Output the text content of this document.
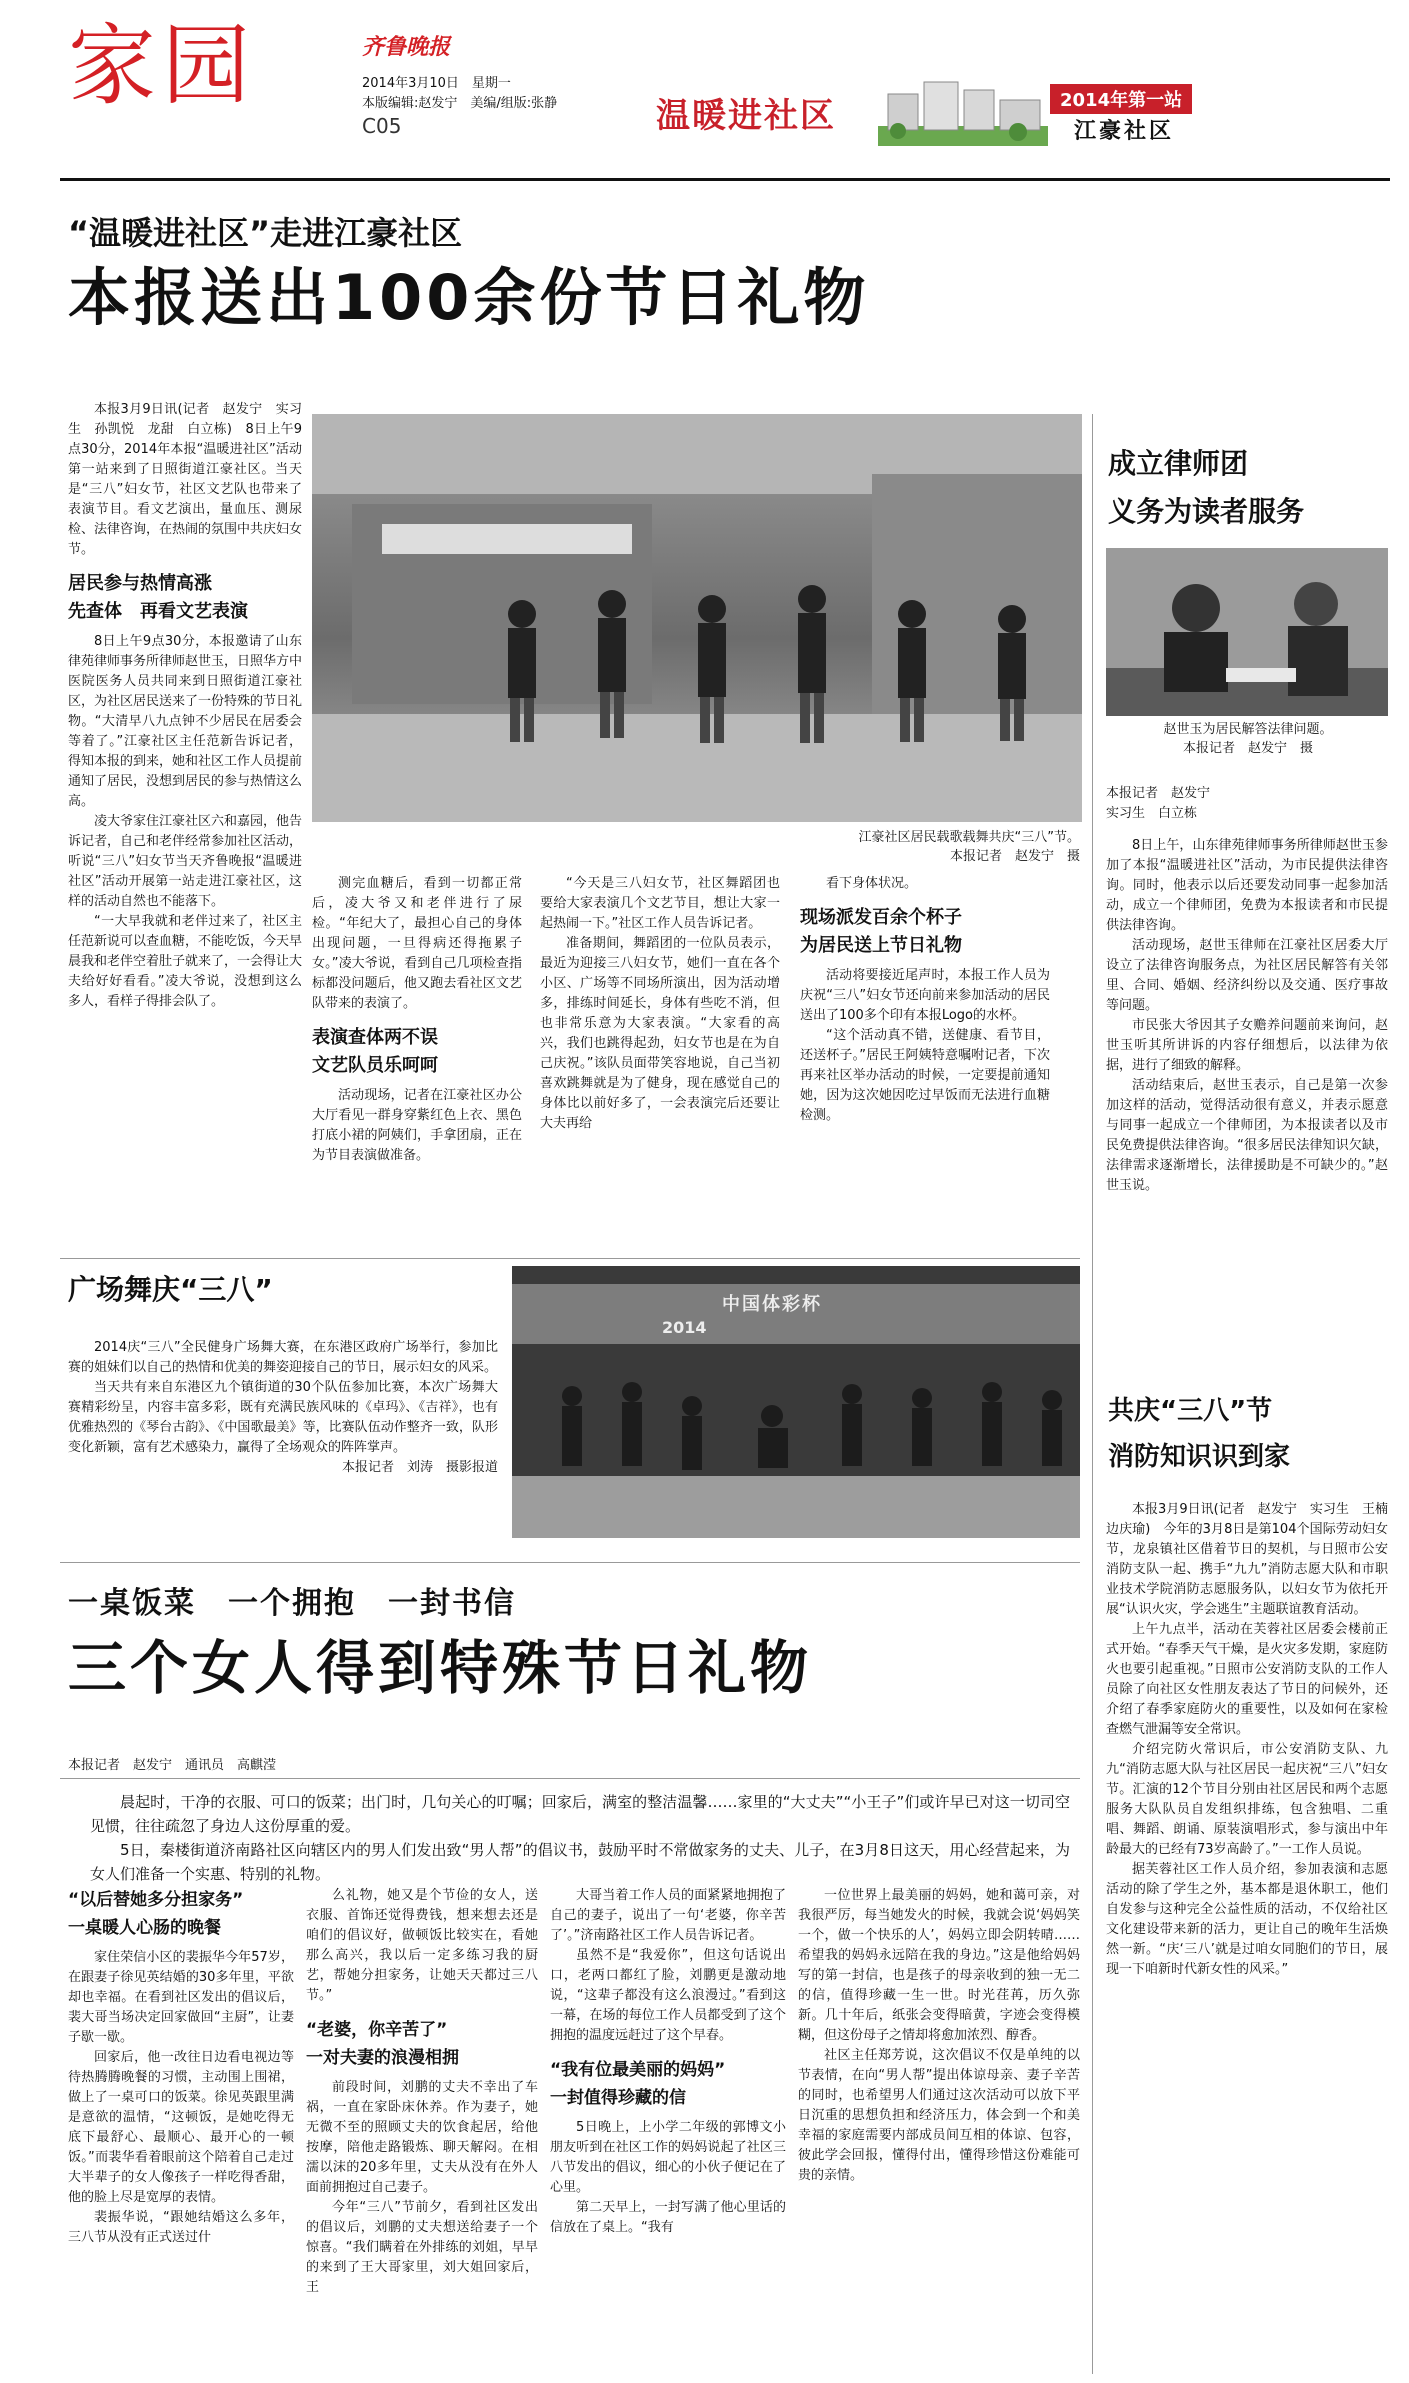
家园	齐鲁晚报
2014年3月10日　星期一
本版编辑:赵发宁　美编/组版:张静
C05	温暖进社区	2014年第一站
江豪社区
“温暖进社区”走进江豪社区
本报送出100余份节日礼物

本报3月9日讯(记者　赵发宁　实习生　孙凯悦　龙甜　白立栋)　8日上午9点30分，2014年本报“温暖进社区”活动第一站来到了日照街道江豪社区。当天是“三八”妇女节，社区文艺队也带来了表演节目。看文艺演出，量血压、测尿检、法律咨询，在热闹的氛围中共庆妇女节。

居民参与热情高涨
先查体　再看文艺表演

8日上午9点30分，本报邀请了山东律苑律师事务所律师赵世玉，日照华方中医院医务人员共同来到日照街道江豪社区，为社区居民送来了一份特殊的节日礼物。“大清早八九点钟不少居民在居委会等着了。”江豪社区主任范新告诉记者，得知本报的到来，她和社区工作人员提前通知了居民，没想到居民的参与热情这么高。

凌大爷家住江豪社区六和嘉园，他告诉记者，自己和老伴经常参加社区活动，听说“三八”妇女节当天齐鲁晚报“温暖进社区”活动开展第一站走进江豪社区，这样的活动自然也不能落下。

“一大早我就和老伴过来了，社区主任范新说可以查血糖，不能吃饭，今天早晨我和老伴空着肚子就来了，一会得让大夫给好好看看。”凌大爷说，没想到这么多人，看样子得排会队了。

江豪社区居民载歌载舞共庆“三八”节。
本报记者　赵发宁　摄

测完血糖后，看到一切都正常后，凌大爷又和老伴进行了尿检。“年纪大了，最担心自己的身体出现问题，一旦得病还得拖累子女。”凌大爷说，看到自己几项检查指标都没问题后，他又跑去看社区文艺队带来的表演了。

表演查体两不误
文艺队员乐呵呵

活动现场，记者在江豪社区办公大厅看见一群身穿紫红色上衣、黑色打底小裙的阿姨们，手拿团扇，正在为节目表演做准备。

“今天是三八妇女节，社区舞蹈团也要给大家表演几个文艺节目，想让大家一起热闹一下。”社区工作人员告诉记者。

准备期间，舞蹈团的一位队员表示，最近为迎接三八妇女节，她们一直在各个小区、广场等不同场所演出，因为活动增多，排练时间延长，身体有些吃不消，但也非常乐意为大家表演。“大家看的高兴，我们也跳得起劲，妇女节也是在为自己庆祝。”该队员面带笑容地说，自己当初喜欢跳舞就是为了健身，现在感觉自己的身体比以前好多了，一会表演完后还要让大夫再给

看下身体状况。

现场派发百余个杯子
为居民送上节日礼物

活动将要接近尾声时，本报工作人员为庆祝“三八”妇女节还向前来参加活动的居民送出了100多个印有本报Logo的水杯。

“这个活动真不错，送健康、看节目，还送杯子。”居民王阿姨特意嘱咐记者，下次再来社区举办活动的时候，一定要提前通知她，因为这次她因吃过早饭而无法进行血糖检测。

成立律师团
义务为读者服务
赵世玉为居民解答法律问题。
本报记者　赵发宁　摄
本报记者　赵发宁
实习生　白立栋

8日上午，山东律苑律师事务所律师赵世玉参加了本报“温暖进社区”活动，为市民提供法律咨询。同时，他表示以后还要发动同事一起参加活动，成立一个律师团，免费为本报读者和市民提供法律咨询。

活动现场，赵世玉律师在江豪社区居委大厅设立了法律咨询服务点，为社区居民解答有关邻里、合同、婚姻、经济纠纷以及交通、医疗事故等问题。

市民张大爷因其子女赡养问题前来询问，赵世玉听其所讲诉的内容仔细想后，以法律为依据，进行了细致的解释。

活动结束后，赵世玉表示，自己是第一次参加这样的活动，觉得活动很有意义，并表示愿意与同事一起成立一个律师团，为本报读者以及市民免费提供法律咨询。“很多居民法律知识欠缺，法律需求逐渐增长，法律援助是不可缺少的。”赵世玉说。

共庆“三八”节
消防知识识到家

本报3月9日讯(记者　赵发宁　实习生　王楠　边庆瑜)　今年的3月8日是第104个国际劳动妇女节，龙泉镇社区借着节日的契机，与日照市公安消防支队一起、携手“九九”消防志愿大队和市职业技术学院消防志愿服务队，以妇女节为依托开展“认识火灾，学会逃生”主题联谊教育活动。

上午九点半，活动在芙蓉社区居委会楼前正式开始。“春季天气干燥，是火灾多发期，家庭防火也要引起重视。”日照市公安消防支队的工作人员除了向社区女性朋友表达了节日的问候外，还介绍了春季家庭防火的重要性，以及如何在家检查燃气泄漏等安全常识。

介绍完防火常识后，市公安消防支队、九九“消防志愿大队与社区居民一起庆祝“三八”妇女节。汇演的12个节目分别由社区居民和两个志愿服务大队队员自发组织排练，包含独唱、二重唱、舞蹈、朗诵、原装演唱形式，参与演出中年龄最大的已经有73岁高龄了。”一工作人员说。

据芙蓉社区工作人员介绍，参加表演和志愿活动的除了学生之外，基本都是退休职工，他们自发参与这种完全公益性质的活动，不仅给社区文化建设带来新的活力，更让自己的晚年生活焕然一新。“庆‘三八’就是过咱女同胞们的节日，展现一下咱新时代新女性的风采。”

广场舞庆“三八”

2014庆“三八”全民健身广场舞大赛，在东港区政府广场举行，参加比赛的姐妹们以自己的热情和优美的舞姿迎接自己的节日，展示妇女的风采。

当天共有来自东港区九个镇街道的30个队伍参加比赛，本次广场舞大赛精彩纷呈，内容丰富多彩，既有充满民族风味的《卓玛》、《吉祥》，也有优雅热烈的《琴台古韵》、《中国歌最美》等，比赛队伍动作整齐一致，队形变化新颖，富有艺术感染力，赢得了全场观众的阵阵掌声。

本报记者　刘涛　摄影报道
中国体彩杯
2014
一桌饭菜　一个拥抱　一封书信
三个女人得到特殊节日礼物
本报记者　赵发宁　通讯员　高麒滢

晨起时，干净的衣服、可口的饭菜；出门时，几句关心的叮嘱；回家后，满室的整洁温馨……家里的“大丈夫”“小王子”们或许早已对这一切司空见惯，往往疏忽了身边人这份厚重的爱。

5日，秦楼街道济南路社区向辖区内的男人们发出致“男人帮”的倡议书，鼓励平时不常做家务的丈夫、儿子，在3月8日这天，用心经营起来，为女人们准备一个实惠、特别的礼物。

“以后替她多分担家务”
一桌暖人心肠的晚餐

家住荣信小区的裴振华今年57岁，在跟妻子徐见英结婚的30多年里，平欲却也幸福。在看到社区发出的倡议后，裴大哥当场决定回家做回“主厨”，让妻子歇一歇。

回家后，他一改往日边看电视边等待热腾腾晚餐的习惯，主动围上围裙，做上了一桌可口的饭菜。徐见英跟里满是意欲的温情，“这顿饭，是她吃得无底下最舒心、最顺心、最开心的一顿饭。”而裴华看着眼前这个陪着自己走过大半辈子的女人像孩子一样吃得香甜，他的脸上尽是宽厚的表情。

裴振华说，“跟她结婚这么多年，三八节从没有正式送过什

么礼物，她又是个节俭的女人，送衣服、首饰还觉得费钱，想来想去还是咱们的倡议好，做顿饭比较实在，看她那么高兴，我以后一定多练习我的厨艺，帮她分担家务，让她天天都过三八节。”

“老婆，你辛苦了”
一对夫妻的浪漫相拥

前段时间，刘鹏的丈夫不幸出了车祸，一直在家卧床休养。作为妻子，她无微不至的照顾丈夫的饮食起居，给他按摩，陪他走路锻炼、聊天解闷。在相濡以沫的20多年里，丈夫从没有在外人面前拥抱过自己妻子。

今年“三八”节前夕，看到社区发出的倡议后，刘鹏的丈夫想送给妻子一个惊喜。“我们瞒着在外排练的刘姐，早早的来到了王大哥家里，刘大姐回家后，王

大哥当着工作人员的面紧紧地拥抱了自己的妻子，说出了一句‘老婆，你辛苦了’。”济南路社区工作人员告诉记者。

虽然不是“我爱你”，但这句话说出口，老两口都红了脸，刘鹏更是激动地说，“这辈子都没有这么浪漫过。”看到这一幕，在场的每位工作人员都受到了这个拥抱的温度远赶过了这个早春。

“我有位最美丽的妈妈”
一封值得珍藏的信

5日晚上，上小学二年级的郭博文小朋友听到在社区工作的妈妈说起了社区三八节发出的倡议，细心的小伙子便记在了心里。

第二天早上，一封写满了他心里话的信放在了桌上。“我有

一位世界上最美丽的妈妈，她和蔼可亲，对我很严厉，每当她发火的时候，我就会说‘妈妈笑一个，做一个快乐的人’，妈妈立即会阴转晴……希望我的妈妈永远陪在我的身边。”这是他给妈妈写的第一封信，也是孩子的母亲收到的独一无二的信，值得珍藏一生一世。时光荏苒，历久弥新。几十年后，纸张会变得暗黄，字迹会变得模糊，但这份母子之情却将愈加浓烈、醇香。

社区主任郑芳说，这次倡议不仅是单纯的以节表情，在向“男人帮”提出体谅母亲、妻子辛苦的同时，也希望男人们通过这次活动可以放下平日沉重的思想负担和经济压力，体会到一个和美幸福的家庭需要内部成员间互相的体谅、包容，彼此学会回报，懂得付出，懂得珍惜这份难能可贵的亲情。
